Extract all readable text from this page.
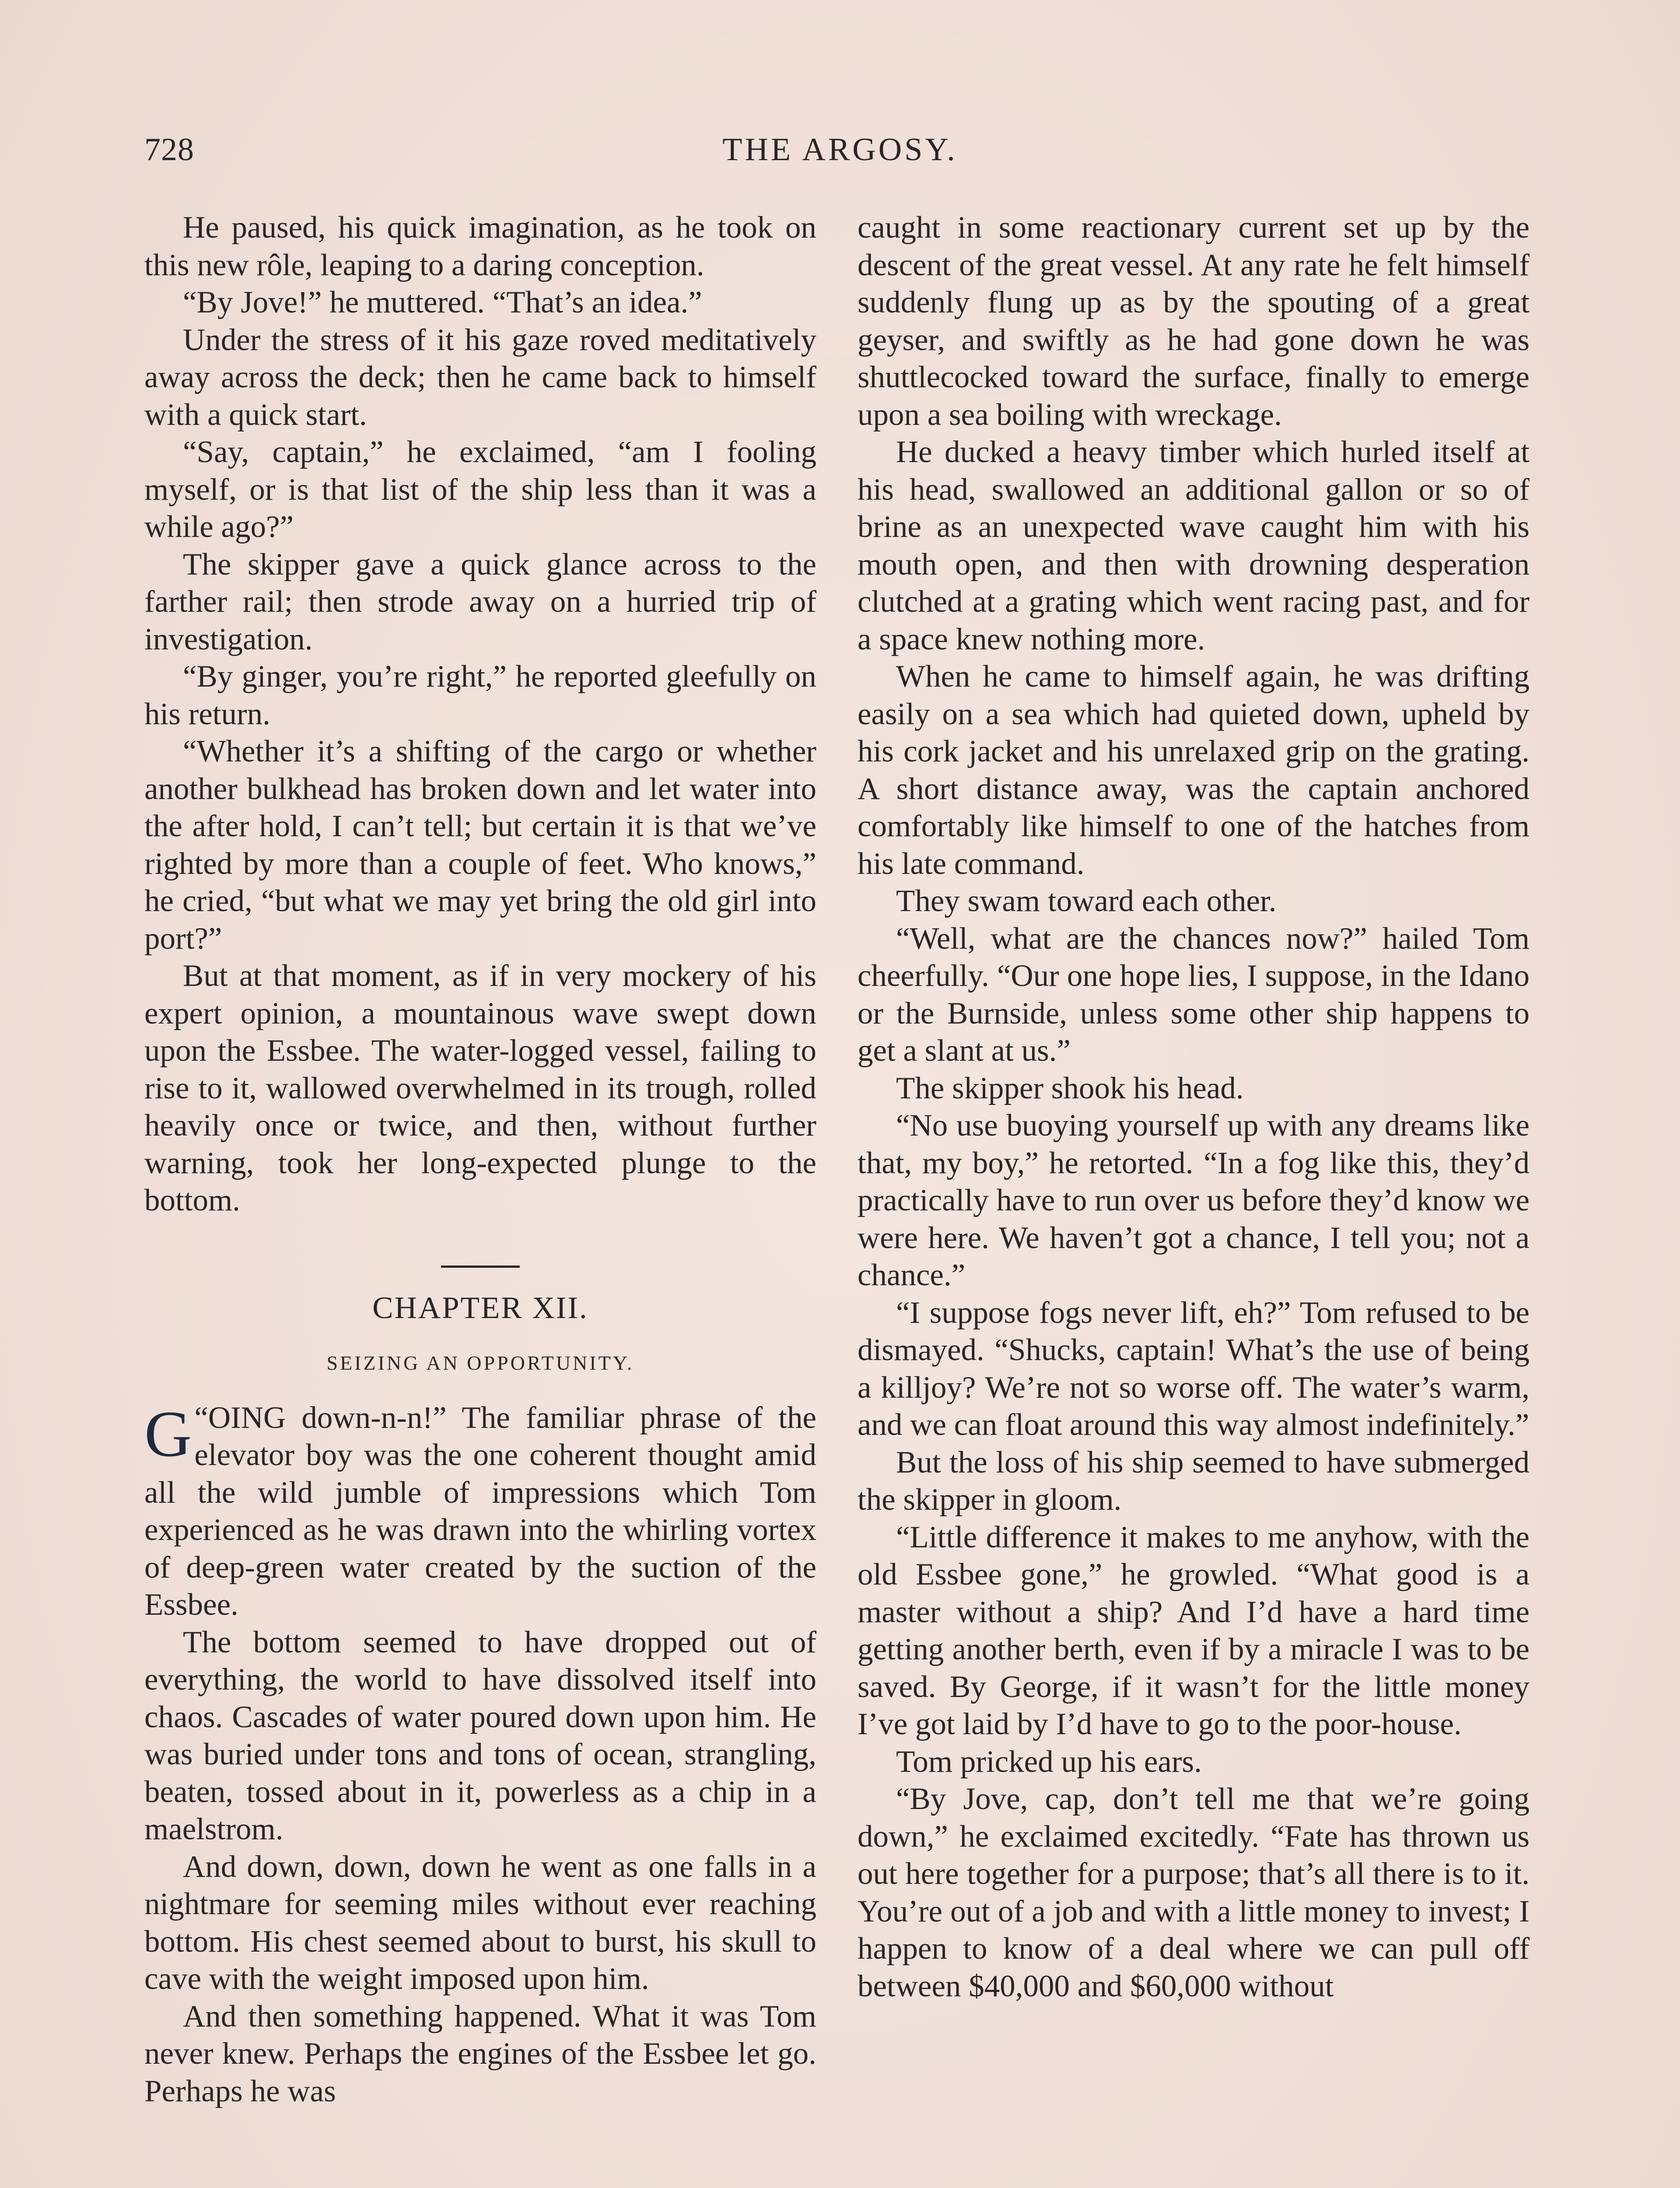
728	THE ARGOSY.

He paused, his quick imagination, as he took on this new rôle, leaping to a daring conception.

“By Jove!” he muttered. “That’s an idea.”

Under the stress of it his gaze roved meditatively away across the deck; then he came back to himself with a quick start.

“Say, captain,” he exclaimed, “am I fooling myself, or is that list of the ship less than it was a while ago?”

The skipper gave a quick glance across to the farther rail; then strode away on a hurried trip of investigation.

“By ginger, you’re right,” he reported gleefully on his return.

“Whether it’s a shifting of the cargo or whether another bulkhead has broken down and let water into the after hold, I can’t tell; but certain it is that we’ve righted by more than a couple of feet. Who knows,” he cried, “but what we may yet bring the old girl into port?”

But at that moment, as if in very mockery of his expert opinion, a mountainous wave swept down upon the Essbee. The water-logged vessel, failing to rise to it, wallowed overwhelmed in its trough, rolled heavily once or twice, and then, without further warning, took her long-expected plunge to the bottom.

CHAPTER XII.
SEIZING AN OPPORTUNITY.

“
G OING down-n-n!” The familiar phrase of the elevator boy was the one coherent thought amid all the wild jumble of impressions which Tom experienced as he was drawn into the whirling vortex of deep-green water created by the suction of the Essbee.

The bottom seemed to have dropped out of everything, the world to have dissolved itself into chaos. Cascades of water poured down upon him. He was buried under tons and tons of ocean, strangling, beaten, tossed about in it, powerless as a chip in a maelstrom.

And down, down, down he went as one falls in a nightmare for seeming miles without ever reaching bottom. His chest seemed about to burst, his skull to cave with the weight imposed upon him.

And then something happened. What it was Tom never knew. Perhaps the engines of the Essbee let go. Perhaps he was

caught in some reactionary current set up by the descent of the great vessel. At any rate he felt himself suddenly flung up as by the spouting of a great geyser, and swiftly as he had gone down he was shuttlecocked toward the surface, finally to emerge upon a sea boiling with wreckage.

He ducked a heavy timber which hurled itself at his head, swallowed an additional gallon or so of brine as an unexpected wave caught him with his mouth open, and then with drowning desperation clutched at a grating which went racing past, and for a space knew nothing more.

When he came to himself again, he was drifting easily on a sea which had quieted down, upheld by his cork jacket and his unrelaxed grip on the grating. A short distance away, was the captain anchored comfortably like himself to one of the hatches from his late command.

They swam toward each other.

“Well, what are the chances now?” hailed Tom cheerfully. “Our one hope lies, I suppose, in the Idano or the Burnside, unless some other ship happens to get a slant at us.”

The skipper shook his head.

“No use buoying yourself up with any dreams like that, my boy,” he retorted. “In a fog like this, they’d practically have to run over us before they’d know we were here. We haven’t got a chance, I tell you; not a chance.”

“I suppose fogs never lift, eh?” Tom refused to be dismayed. “Shucks, captain! What’s the use of being a killjoy? We’re not so worse off. The water’s warm, and we can float around this way almost indefinitely.”

But the loss of his ship seemed to have submerged the skipper in gloom.

“Little difference it makes to me anyhow, with the old Essbee gone,” he growled. “What good is a master without a ship? And I’d have a hard time getting another berth, even if by a miracle I was to be saved. By George, if it wasn’t for the little money I’ve got laid by I’d have to go to the poor-house.

Tom pricked up his ears.

“By Jove, cap, don’t tell me that we’re going down,” he exclaimed excitedly. “Fate has thrown us out here together for a purpose; that’s all there is to it. You’re out of a job and with a little money to invest; I happen to know of a deal where we can pull off between $40,000 and $60,000 without
